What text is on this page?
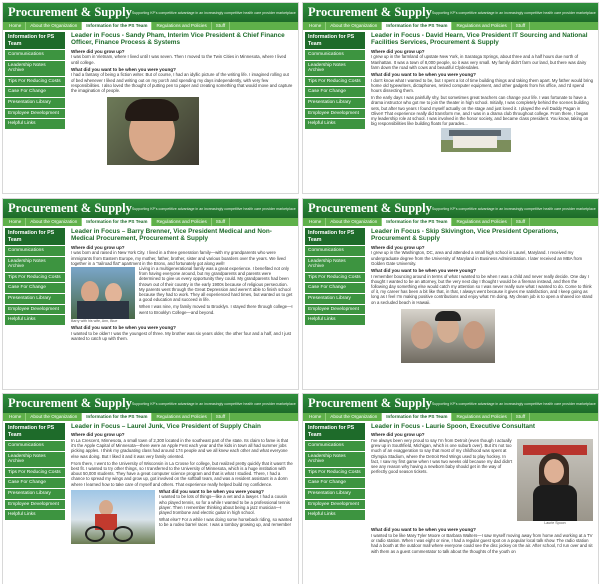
Procurement & Supply Supporting KP's competitive advantage in an increasingly competitive health care provider marketplace
Home	About the Organization	Information for the PS Team	Regulations and Policies	Stuff
Information for PS Team
Communications
Leadership Notes Archive
Tips For Reducing Costs
Case For Change
Presentation Library
Employee Development
Helpful Links
Leader in Focus - Sandy Pham, Interim Vice President & Chief Finance Officer, Finance Process & Systems
Where did you grow up?
I was born in Vietnam, where I lived until I was seven. Then I moved to the Twin Cities in Minnesota, where I lived until college.
What did you want to be when you were young?
I had a fantasy of being a fiction writer. But of course, I had an idyllic picture of the writing life. I imagined rolling out of bed whenever I liked and writing out on my porch and spending my days independently, with very few responsibilities. I also loved the thought of putting pen to paper and creating something that would move and capture the imagination of people.
Procurement & Supply Supporting KP's competitive advantage in an increasingly competitive health care provider marketplace
Home	About the Organization	Information for the PS Team	Regulations and Policies	Stuff
Information for PS Team
Communications
Leadership Notes Archive
Tips For Reducing Costs
Case For Change
Presentation Library
Employee Development
Helpful Links
Leader in Focus - David Hearn, Vice President IT Sourcing and National Facilities Services, Procurement & Supply
Where did you grow up?
I grew up in the farmland of upstate New York, in Saratoga Springs, about three and a half hours due north of Manhattan. It was a town of 8,000 people, so it was very small. My family didn't farm our land, but there was dairy farm down the road with cows and beautiful Clydesdales.
What did you want to be when you were young?
I don't know what I wanted to be, but I spent a lot of time building things and taking them apart. My father would bring home old typewriters, dictaphones, retired computer equipment, and other gadgets from his office, and I'd spend hours dissecting them.
In the early days I was painfully shy, but sometimes great teachers can change your life. I was fortunate to have a drama instructor who got me to join the theater in high school. Initially, I was completely behind the scenes building sets, but after two years I found myself actually on the stage and just loved it. I played the evil Daddy Pagan in Oliver! That experience really did transform me, and I was in a drama club throughout college. From there, I began my leadership role at school. I was involved in the honor society, and became class president. You know, taking on big responsibilities like building floats for parades...
Procurement & Supply Supporting KP's competitive advantage in an increasingly competitive health care provider marketplace
Home	About the Organization	Information for the PS Team	Regulations and Policies	Stuff
Information for PS Team
Communications
Leadership Notes Archive
Tips For Reducing Costs
Case For Change
Presentation Library
Employee Development
Helpful Links
Leader in Focus – Barry Brenner, Vice President Medical and Non-Medical Procurement, Procurement & Supply
Where did you grow up?
I was born and raised in New York City. I lived in a three generation family—with my grandparents who were immigrants from Eastern Europe, my mother, father, brother, sister and various boarders over the years. We lived together in a "railroad flat" apartment in the Bronx, and fortunately got along well!
Barry with his wife, Ann, Blue
Living in a multigenerational family was a great experience. I benefited not only from having everyone around, but my grandparents and parents were determined to give us every opportunity they could. My grandparents had been thrown out of their country in the early 1900s because of religious persecution. My parents went through the Great Depression and weren't able to finish school because they had to work. They all experienced hard times, but wanted us to get a good education and succeed in life.
When I was nine, my family moved to Brooklyn. I stayed there through college—I went to Brooklyn College—and beyond.
What did you want to be when you were young?
I wanted to be older! I was the youngest of three. My brother was six years older, the other four and a half, and I just wanted to catch up with them.
Procurement & Supply Supporting KP's competitive advantage in an increasingly competitive health care provider marketplace
Home	About the Organization	Information for the PS Team	Regulations and Policies	Stuff
Information for PS Team
Communications
Leadership Notes Archive
Tips For Reducing Costs
Case For Change
Presentation Library
Employee Development
Helpful Links
Leader in Focus - Skip Skivington, Vice President Operations, Procurement & Supply
Where did you grow up?
I grew up in the Washington, DC, area and attended a small high school in Laurel, Maryland. I received my undergraduate degree from the University of Maryland in Business Administration. I later received an MBA from Golden Gate University.
What did you want to be when you were young?
I remember bouncing around in terms of what I wanted to be when I was a child and never really decide. One day I thought I wanted to be an attorney, but the very next day I thought I would be a fireman instead, and then the following day something else would catch my attention so I was never really sure what I wanted to do. Come to think of it, my career has been a bit like that, in that, I always went because it gives me satisfaction, and I keep going as long as I feel I'm making positive contributions and enjoy what I'm doing. My dream job is to open a shaved ice stand on a secluded beach in Hawaii.
Procurement & Supply Supporting KP's competitive advantage in an increasingly competitive health care provider marketplace
Home	About the Organization	Information for the PS Team	Regulations and Policies	Stuff
Information for PS Team
Communications
Leadership Notes Archive
Tips For Reducing Costs
Case For Change
Presentation Library
Employee Development
Helpful Links
Leader in Focus – Laurel Junk, Vice President of Supply Chain
Where did you grow up?
In La Crescent, Minnesota, a small town of 2,300 located in the southeast part of the state. Its claim to fame is that it's the Apple Capital of Minnesota—there were an Apple Fest each year and the kids in town all had summer jobs picking apples. I think my graduating class had around 174 people and we all knew each other and what everyone else was doing. But I liked it and it was very family oriented.
From there, I went to the University of Wisconsin in La Crosse for college, but realized pretty quickly that it wasn't the best fit. I wanted to try other things, so I transferred to the University of Minnesota, which is a huge institution with about 50,000 students. They have a great computer science program and that is what I studied. There, I had a chance to spread my wings and grow up, got involved on the softball team, and was a resident assistant in a dorm where I learned how to take care of myself and others. That experience really helped build my confidence.
What did you want to be when you were young?
I wanted to be lots of things—like a vet and a lawyer. I had a cousin who played tennis, so for a while I wanted to be a professional tennis player. Then I remember thinking about being a jazz musician—I played trombone and electric guitar in high school.
What else? For a while I was doing some horseback riding, so wanted to be a rodeo barrel racer. I was a tomboy growing up, and remember
Procurement & Supply Supporting KP's competitive advantage in an increasingly competitive health care provider marketplace
Home	About the Organization	Information for the PS Team	Regulations and Policies	Stuff
Information for PS Team
Communications
Leadership Notes Archive
Tips For Reducing Costs
Case For Change
Presentation Library
Employee Development
Helpful Links
Leader in Focus - Laurie Spoon, Executive Consultant
Where did you grow up?
Laurie Spoon
I've always been very proud to say I'm from Detroit (even though I actually grew up in Southfield, Michigan, which is one suburb over). But it's not too much of an exaggeration to say that most of my childhood was spent at Olympia Stadium, where the Detroit Red Wings used to play hockey. In fact, I saw my first game when I was two weeks old because my dad didn't see any reason why having a newborn baby should get in the way of perfectly good season tickets.
What did you want to be when you were young?
I wanted to be like Mary Tyler Moore or Barbara Walters—I saw myself moving away from home and working at a TV or radio station. When I was eight or nine, I had a regular guest spot on a popular local talk show. The radio station had a booth at the outdoor mall where everyone could see the disc jockey on the air. After school, I'd run over and sit with them as a guest commentator to talk about the thoughts of the youth on
